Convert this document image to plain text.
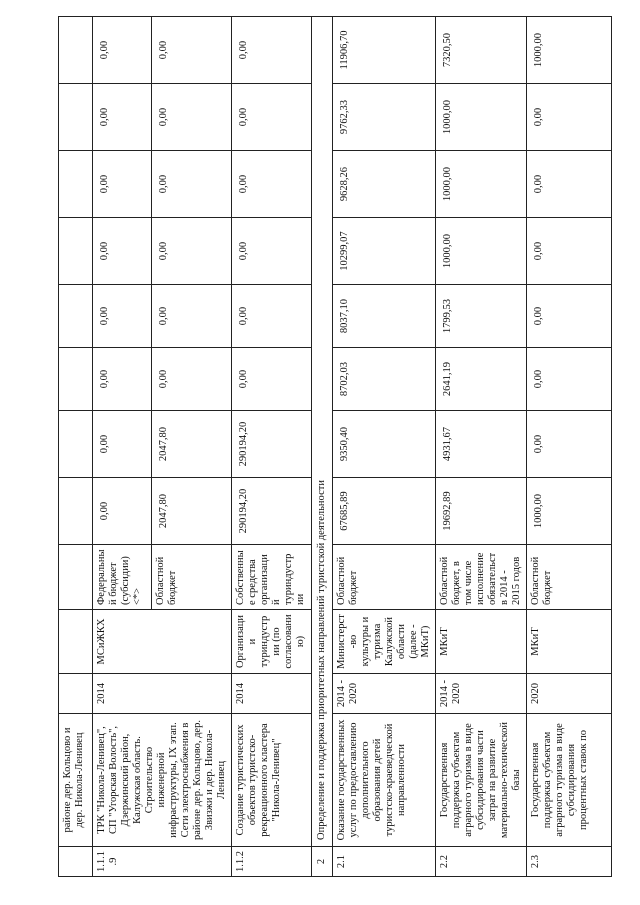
	районе дер. Кольцово и дер. Никола-Ленивец											
1.1.1.9	ТРК "Никола-Ленивец", СП "Угорская Волость", Дзержинский район, Калужская область. Строительство инженерной инфраструктуры, IX этап. Сети электроснабжения в районе дер. Кольцово, дер. Звизжи и дер. Никола-Ленивец	2014	МСиЖКХ	Федеральный бюджет (субсидии) <*>	0,00	0,00	0,00	0,00	0,00	0,00	0,00	0,00
				Областной бюджет	2047,80	2047,80	0,00	0,00	0,00	0,00	0,00	0,00
1.1.2	Создание туристических объектов туристско-рекреационного кластера "Никола-Ленивец"	2014	Организации туриндустрии (по согласованию)	Собственные средства организаций туриндустрии	290194,20	290194,20	0,00	0,00	0,00	0,00	0,00	0,00
2	Определение и поддержка приоритетных направлений туристской деятельности											
2.1	Оказание государственных услуг по предоставлению дополнительного образования детей туристско-краеведческой направленности	2014 - 2020	Министерст-во культуры и туризма Калужской области (далее - МКиТ)	Областной бюджет	67685,89	9350,40	8702,03	8037,10	10299,07	9628,26	9762,33	11906,70
2.2	Государственная поддержка субъектам аграрного туризма в виде субсидирования части затрат на развитие материально-технической базы	2014 - 2020	МКиТ	Областной бюджет, в том числе исполнение обязательств 2014 - 2015 годов	19692,89	4931,67	2641,19	1799,53	1000,00	1000,00	1000,00	7320,50
2.3	Государственная поддержка субъектам аграрного туризма в виде субсидирования процентных ставок по	2020	МКиТ	Областной бюджет	1000,00	0,00	0,00	0,00	0,00	0,00	0,00	1000,00
